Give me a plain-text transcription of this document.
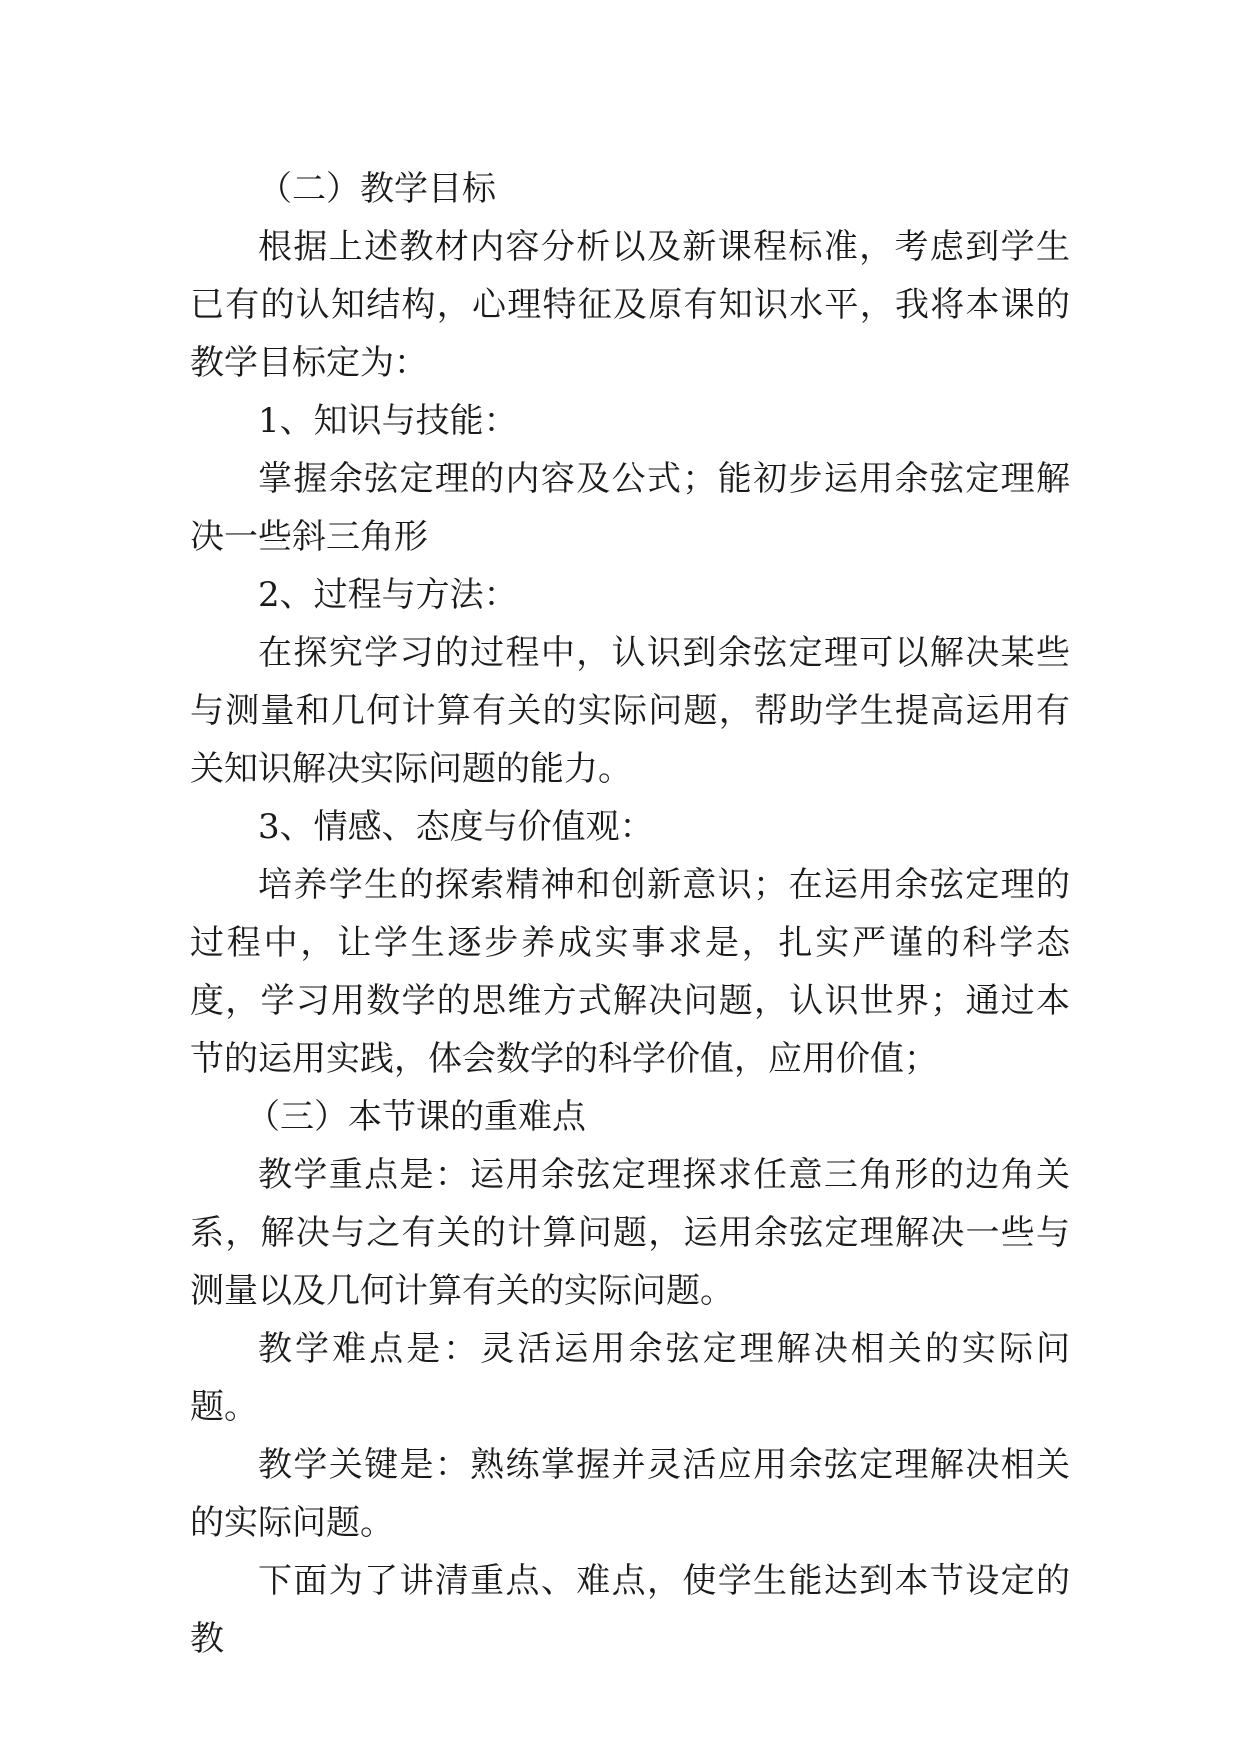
（二）教学目标

根据上述教材内容分析以及新课程标准，考虑到学生已有的认知结构，心理特征及原有知识水平，我将本课的教学目标定为：

1、知识与技能：

掌握余弦定理的内容及公式；能初步运用余弦定理解决一些斜三角形

2、过程与方法：

在探究学习的过程中，认识到余弦定理可以解决某些与测量和几何计算有关的实际问题，帮助学生提高运用有关知识解决实际问题的能力。

3、情感、态度与价值观：

培养学生的探索精神和创新意识；在运用余弦定理的过程中，让学生逐步养成实事求是，扎实严谨的科学态度，学习用数学的思维方式解决问题，认识世界；通过本节的运用实践，体会数学的科学价值，应用价值；

（三）本节课的重难点

教学重点是：运用余弦定理探求任意三角形的边角关系，解决与之有关的计算问题，运用余弦定理解决一些与测量以及几何计算有关的实际问题。

教学难点是：灵活运用余弦定理解决相关的实际问题。

教学关键是：熟练掌握并灵活应用余弦定理解决相关的实际问题。

下面为了讲清重点、难点，使学生能达到本节设定的教
